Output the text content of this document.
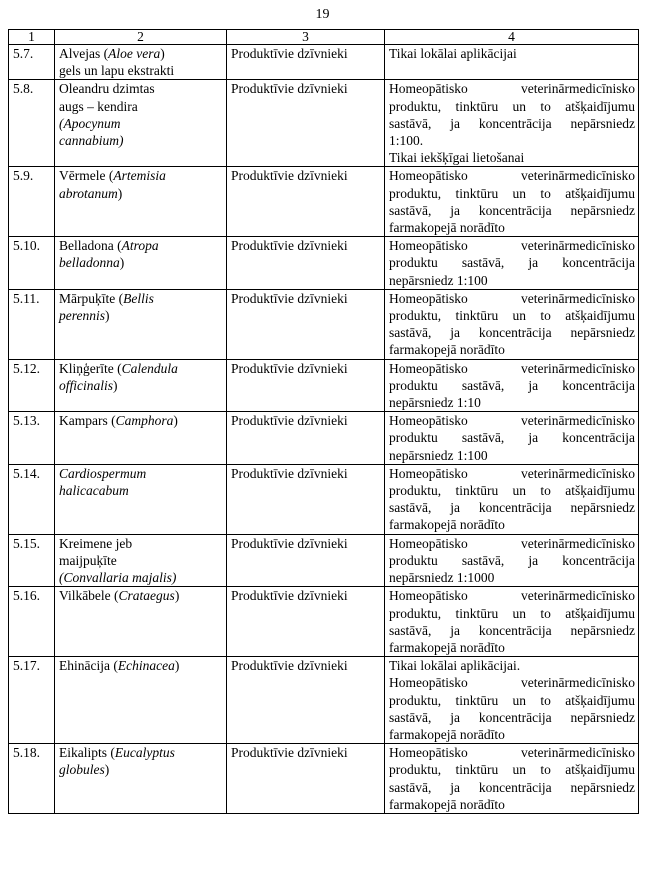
19
1	2	3	4
5.7.	Alvejas (Aloe vera)
gels un lapu ekstrakti	Produktīvie dzīvnieki	Tikai lokālai aplikācijai

5.8.	Oleandru dzimtas
augs – kendira
(Apocynum
cannabium)	Produktīvie dzīvnieki	Homeopātisko veterinārmedicīnisko
produktu, tinktūru un to atšķaidījumu
sastāvā, ja koncentrācija nepārsniedz
1:100.
Tikai iekšķīgai lietošanai

5.9.	Vērmele (Artemisia
abrotanum)	Produktīvie dzīvnieki	Homeopātisko veterinārmedicīnisko
produktu, tinktūru un to atšķaidījumu
sastāvā, ja koncentrācija nepārsniedz
farmakopejā norādīto

5.10.	Belladona (Atropa
belladonna)	Produktīvie dzīvnieki	Homeopātisko veterinārmedicīnisko
produktu sastāvā, ja koncentrācija
nepārsniedz 1:100

5.11.	Mārpuķīte (Bellis
perennis)	Produktīvie dzīvnieki	Homeopātisko veterinārmedicīnisko
produktu, tinktūru un to atšķaidījumu
sastāvā, ja koncentrācija nepārsniedz
farmakopejā norādīto

5.12.	Kliņģerīte (Calendula
officinalis)	Produktīvie dzīvnieki	Homeopātisko veterinārmedicīnisko
produktu sastāvā, ja koncentrācija
nepārsniedz 1:10

5.13.	Kampars (Camphora)	Produktīvie dzīvnieki	Homeopātisko veterinārmedicīnisko
produktu sastāvā, ja koncentrācija
nepārsniedz 1:100

5.14.	Cardiospermum
halicacabum	Produktīvie dzīvnieki	Homeopātisko veterinārmedicīnisko
produktu, tinktūru un to atšķaidījumu
sastāvā, ja koncentrācija nepārsniedz
farmakopejā norādīto

5.15.	Kreimene jeb
maijpuķīte
(Convallaria majalis)	Produktīvie dzīvnieki	Homeopātisko veterinārmedicīnisko
produktu sastāvā, ja koncentrācija
nepārsniedz 1:1000

5.16.	Vilkābele (Crataegus)	Produktīvie dzīvnieki	Homeopātisko veterinārmedicīnisko
produktu, tinktūru un to atšķaidījumu
sastāvā, ja koncentrācija nepārsniedz
farmakopejā norādīto

5.17.	Ehinācija (Echinacea)	Produktīvie dzīvnieki	Tikai lokālai aplikācijai.
Homeopātisko veterinārmedicīnisko
produktu, tinktūru un to atšķaidījumu
sastāvā, ja koncentrācija nepārsniedz
farmakopejā norādīto

5.18.	Eikalipts (Eucalyptus
globules)	Produktīvie dzīvnieki	Homeopātisko veterinārmedicīnisko
produktu, tinktūru un to atšķaidījumu
sastāvā, ja koncentrācija nepārsniedz
farmakopejā norādīto
